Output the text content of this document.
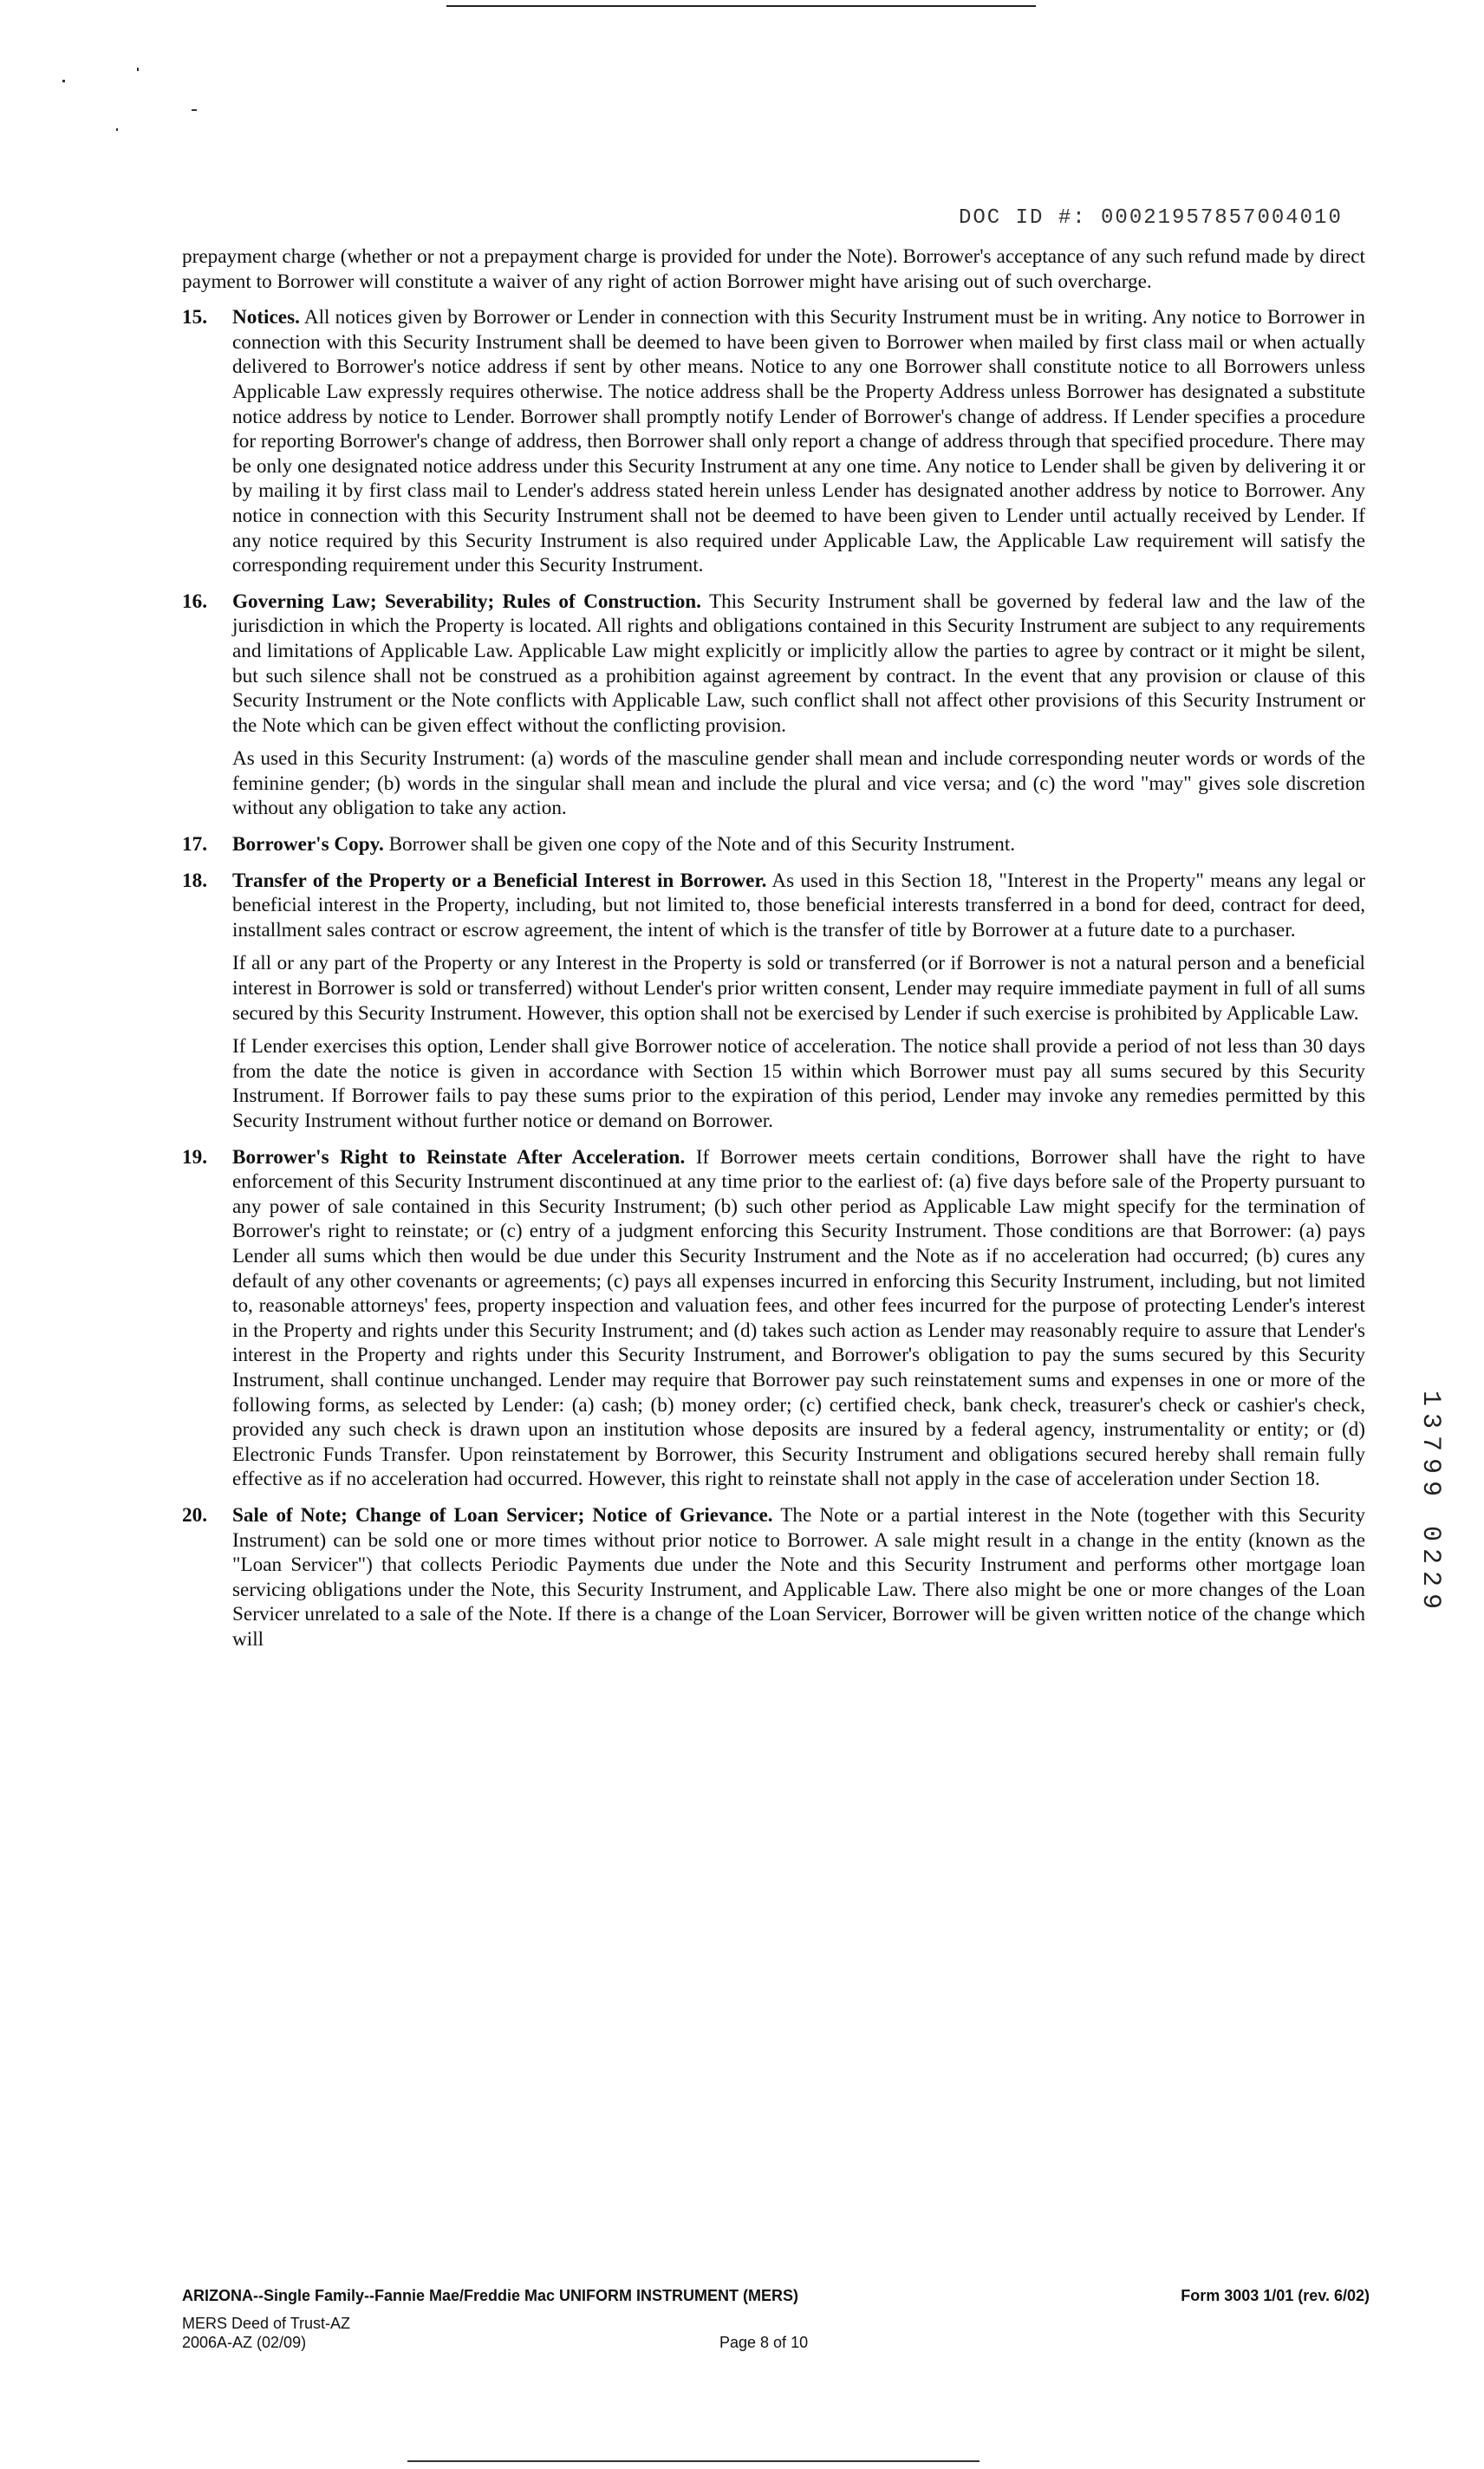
DOC ID #: 00021957857004010

prepayment charge (whether or not a prepayment charge is provided for under the Note). Borrower's acceptance of any such refund made by direct payment to Borrower will constitute a waiver of any right of action Borrower might have arising out of such overcharge.

15. Notices. All notices given by Borrower or Lender in connection with this Security Instrument must be in writing. Any notice to Borrower in connection with this Security Instrument shall be deemed to have been given to Borrower when mailed by first class mail or when actually delivered to Borrower's notice address if sent by other means. Notice to any one Borrower shall constitute notice to all Borrowers unless Applicable Law expressly requires otherwise. The notice address shall be the Property Address unless Borrower has designated a substitute notice address by notice to Lender. Borrower shall promptly notify Lender of Borrower's change of address. If Lender specifies a procedure for reporting Borrower's change of address, then Borrower shall only report a change of address through that specified procedure. There may be only one designated notice address under this Security Instrument at any one time. Any notice to Lender shall be given by delivering it or by mailing it by first class mail to Lender's address stated herein unless Lender has designated another address by notice to Borrower. Any notice in connection with this Security Instrument shall not be deemed to have been given to Lender until actually received by Lender. If any notice required by this Security Instrument is also required under Applicable Law, the Applicable Law requirement will satisfy the corresponding requirement under this Security Instrument.
16. Governing Law; Severability; Rules of Construction. This Security Instrument shall be governed by federal law and the law of the jurisdiction in which the Property is located. All rights and obligations contained in this Security Instrument are subject to any requirements and limitations of Applicable Law. Applicable Law might explicitly or implicitly allow the parties to agree by contract or it might be silent, but such silence shall not be construed as a prohibition against agreement by contract. In the event that any provision or clause of this Security Instrument or the Note conflicts with Applicable Law, such conflict shall not affect other provisions of this Security Instrument or the Note which can be given effect without the conflicting provision.

As used in this Security Instrument: (a) words of the masculine gender shall mean and include corresponding neuter words or words of the feminine gender; (b) words in the singular shall mean and include the plural and vice versa; and (c) the word "may" gives sole discretion without any obligation to take any action.

17. Borrower's Copy. Borrower shall be given one copy of the Note and of this Security Instrument.
18. Transfer of the Property or a Beneficial Interest in Borrower. As used in this Section 18, "Interest in the Property" means any legal or beneficial interest in the Property, including, but not limited to, those beneficial interests transferred in a bond for deed, contract for deed, installment sales contract or escrow agreement, the intent of which is the transfer of title by Borrower at a future date to a purchaser.

If all or any part of the Property or any Interest in the Property is sold or transferred (or if Borrower is not a natural person and a beneficial interest in Borrower is sold or transferred) without Lender's prior written consent, Lender may require immediate payment in full of all sums secured by this Security Instrument. However, this option shall not be exercised by Lender if such exercise is prohibited by Applicable Law.

If Lender exercises this option, Lender shall give Borrower notice of acceleration. The notice shall provide a period of not less than 30 days from the date the notice is given in accordance with Section 15 within which Borrower must pay all sums secured by this Security Instrument. If Borrower fails to pay these sums prior to the expiration of this period, Lender may invoke any remedies permitted by this Security Instrument without further notice or demand on Borrower.

19. Borrower's Right to Reinstate After Acceleration. If Borrower meets certain conditions, Borrower shall have the right to have enforcement of this Security Instrument discontinued at any time prior to the earliest of: (a) five days before sale of the Property pursuant to any power of sale contained in this Security Instrument; (b) such other period as Applicable Law might specify for the termination of Borrower's right to reinstate; or (c) entry of a judgment enforcing this Security Instrument. Those conditions are that Borrower: (a) pays Lender all sums which then would be due under this Security Instrument and the Note as if no acceleration had occurred; (b) cures any default of any other covenants or agreements; (c) pays all expenses incurred in enforcing this Security Instrument, including, but not limited to, reasonable attorneys' fees, property inspection and valuation fees, and other fees incurred for the purpose of protecting Lender's interest in the Property and rights under this Security Instrument; and (d) takes such action as Lender may reasonably require to assure that Lender's interest in the Property and rights under this Security Instrument, and Borrower's obligation to pay the sums secured by this Security Instrument, shall continue unchanged. Lender may require that Borrower pay such reinstatement sums and expenses in one or more of the following forms, as selected by Lender: (a) cash; (b) money order; (c) certified check, bank check, treasurer's check or cashier's check, provided any such check is drawn upon an institution whose deposits are insured by a federal agency, instrumentality or entity; or (d) Electronic Funds Transfer. Upon reinstatement by Borrower, this Security Instrument and obligations secured hereby shall remain fully effective as if no acceleration had occurred. However, this right to reinstate shall not apply in the case of acceleration under Section 18.
20. Sale of Note; Change of Loan Servicer; Notice of Grievance. The Note or a partial interest in the Note (together with this Security Instrument) can be sold one or more times without prior notice to Borrower. A sale might result in a change in the entity (known as the "Loan Servicer") that collects Periodic Payments due under the Note and this Security Instrument and performs other mortgage loan servicing obligations under the Note, this Security Instrument, and Applicable Law. There also might be one or more changes of the Loan Servicer unrelated to a sale of the Note. If there is a change of the Loan Servicer, Borrower will be given written notice of the change which will
1
3
7
9
9

0
2
2
9
ARIZONA--Single Family--Fannie Mae/Freddie Mac UNIFORM INSTRUMENT (MERS)	Form 3003 1/01 (rev. 6/02)
MERS Deed of Trust-AZ
2006A-AZ (02/09)	Page 8 of 10
